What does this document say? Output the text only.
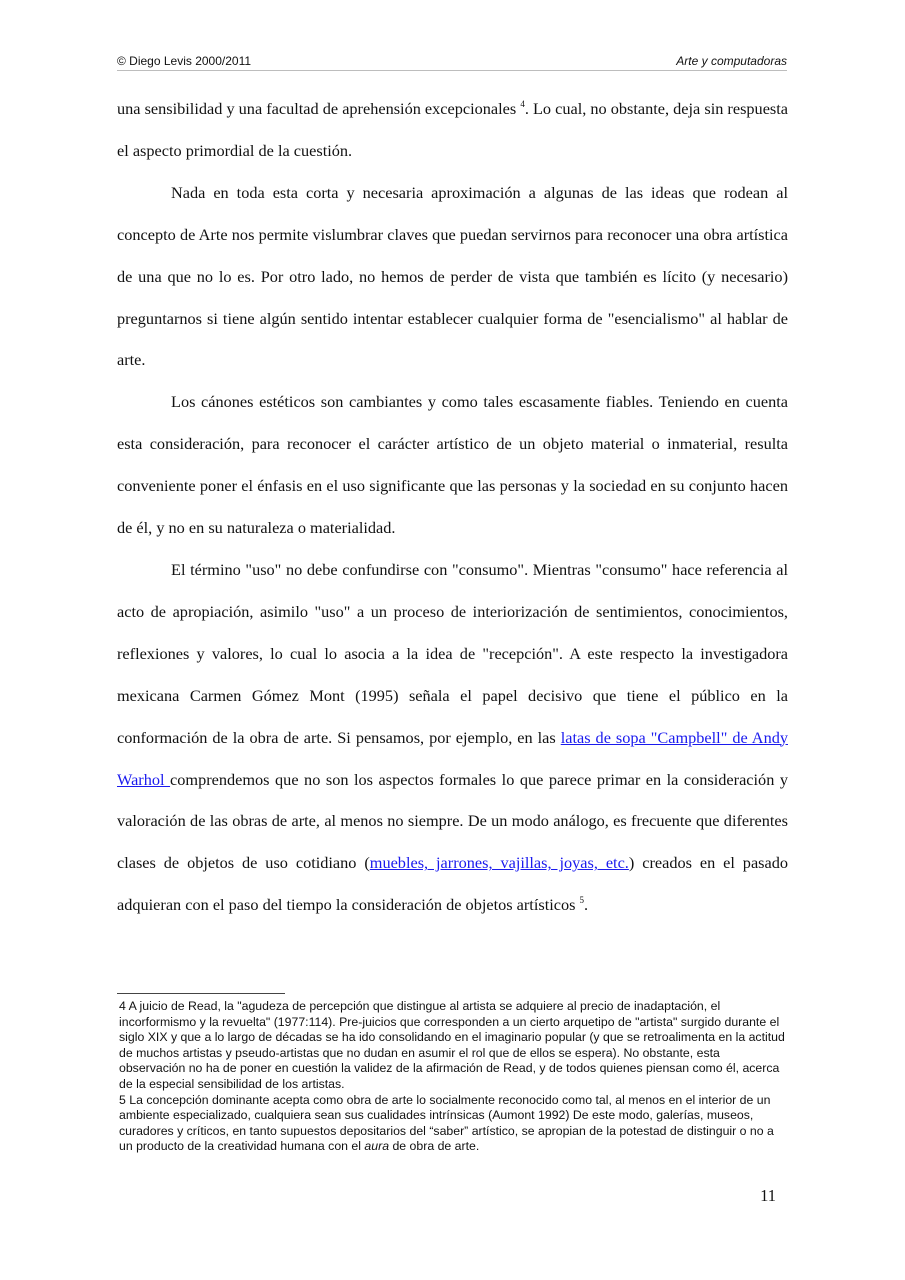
© Diego Levis 2000/2011	Arte y computadoras

una sensibilidad y una facultad de aprehensión excepcionales $^4$. Lo cual, no obstante, deja sin respuesta el aspecto primordial de la cuestión.

Nada en toda esta corta y necesaria aproximación a algunas de las ideas que rodean al concepto de Arte nos permite vislumbrar claves que puedan servirnos para reconocer una obra artística de una que no lo es. Por otro lado, no hemos de perder de vista que también es lícito (y necesario) preguntarnos si tiene algún sentido intentar establecer cualquier forma de "esencialismo" al hablar de arte.

Los cánones estéticos son cambiantes y como tales escasamente fiables. Teniendo en cuenta esta consideración, para reconocer el carácter artístico de un objeto material o inmaterial, resulta conveniente poner el énfasis en el uso significante que las personas y la sociedad en su conjunto hacen de él, y no en su naturaleza o materialidad.

El término "uso" no debe confundirse con "consumo". Mientras "consumo" hace referencia al acto de apropiación, asimilo "uso" a un proceso de interiorización de sentimientos, conocimientos, reflexiones y valores, lo cual lo asocia a la idea de "recepción". A este respecto la investigadora mexicana Carmen Gómez Mont (1995) señala el papel decisivo que tiene el público en la conformación de la obra de arte. Si pensamos, por ejemplo, en las latas de sopa "Campbell" de Andy Warhol comprendemos que no son los aspectos formales lo que parece primar en la consideración y valoración de las obras de arte, al menos no siempre. De un modo análogo, es frecuente que diferentes clases de objetos de uso cotidiano (muebles, jarrones, vajillas, joyas, etc.) creados en el pasado adquieran con el paso del tiempo la consideración de objetos artísticos $^5$.

4 A juicio de Read, la "agudeza de percepción que distingue al artista se adquiere al precio de inadaptación, el incorformismo y la revuelta" (1977:114). Pre-juicios que corresponden a un cierto arquetipo de "artista" surgido durante el siglo XIX y que a lo largo de décadas se ha ido consolidando en el imaginario popular (y que se retroalimenta en la actitud de muchos artistas y pseudo-artistas que no dudan en asumir el rol que de ellos se espera). No obstante, esta observación no ha de poner en cuestión la validez de la afirmación de Read, y de todos quienes piensan como él, acerca de la especial sensibilidad de los artistas.

5 La concepción dominante acepta como obra de arte lo socialmente reconocido como tal, al menos en el interior de un ambiente especializado, cualquiera sean sus cualidades intrínsicas (Aumont 1992) De este modo, galerías, museos, curadores y críticos, en tanto supuestos depositarios del “saber” artístico, se apropian de la potestad de distinguir o no a un producto de la creatividad humana con el aura de obra de arte.

11
